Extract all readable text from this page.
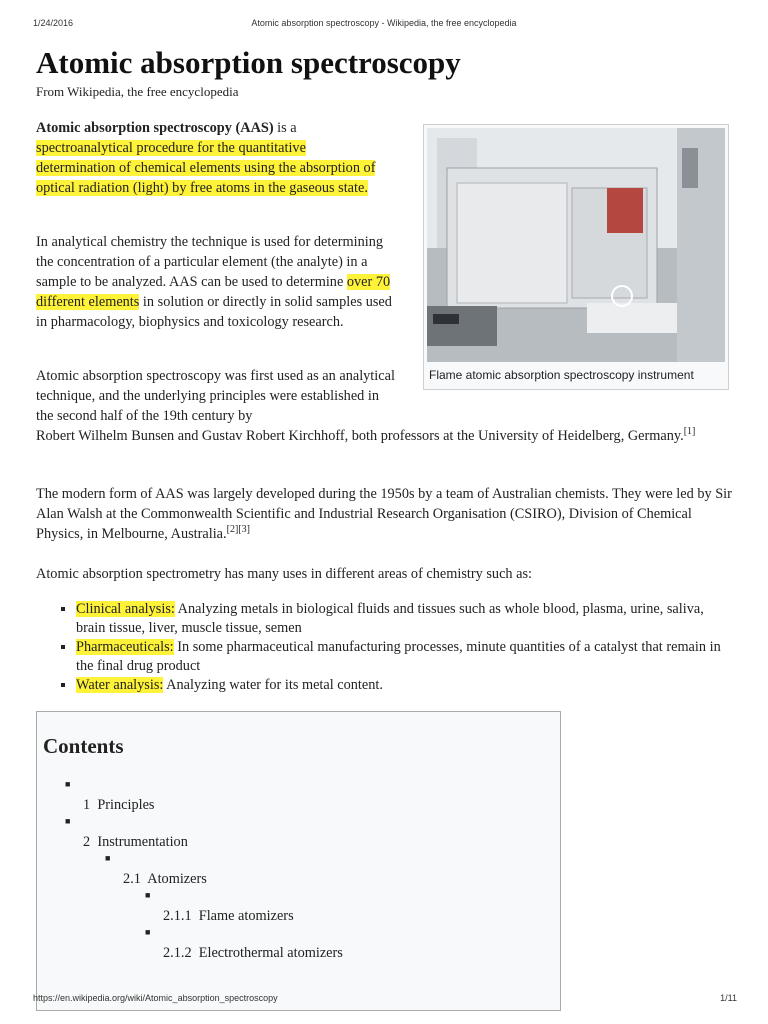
1/24/2016	Atomic absorption spectroscopy - Wikipedia, the free encyclopedia
Atomic absorption spectroscopy
From Wikipedia, the free encyclopedia
Flame atomic absorption spectroscopy instrument

Atomic absorption spectroscopy (AAS) is a spectroanalytical procedure for the quantitative determination of chemical elements using the absorption of optical radiation (light) by free atoms in the gaseous state.

In analytical chemistry the technique is used for determining the concentration of a particular element (the analyte) in a sample to be analyzed. AAS can be used to determine over 70 different elements in solution or directly in solid samples used in pharmacology, biophysics and toxicology research.

Atomic absorption spectroscopy was first used as an analytical technique, and the underlying principles were established in the second half of the 19th century by
Robert Wilhelm Bunsen and Gustav Robert Kirchhoff, both professors at the University of Heidelberg, Germany.[1]

The modern form of AAS was largely developed during the 1950s by a team of Australian chemists. They were led by Sir Alan Walsh at the Commonwealth Scientific and Industrial Research Organisation (CSIRO), Division of Chemical Physics, in Melbourne, Australia.[2][3]

Atomic absorption spectrometry has many uses in different areas of chemistry such as:

▪ Clinical analysis: Analyzing metals in biological fluids and tissues such as whole blood, plasma, urine, saliva, brain tissue, liver, muscle tissue, semen
▪ Pharmaceuticals: In some pharmaceutical manufacturing processes, minute quantities of a catalyst that remain in the final drug product
▪ Water analysis: Analyzing water for its metal content.
Contents
■
1 Principles
■
2 Instrumentation
■
2.1 Atomizers
■
2.1.1 Flame atomizers
■
2.1.2 Electrothermal atomizers
https://en.wikipedia.org/wiki/Atomic_absorption_spectroscopy	1/11
